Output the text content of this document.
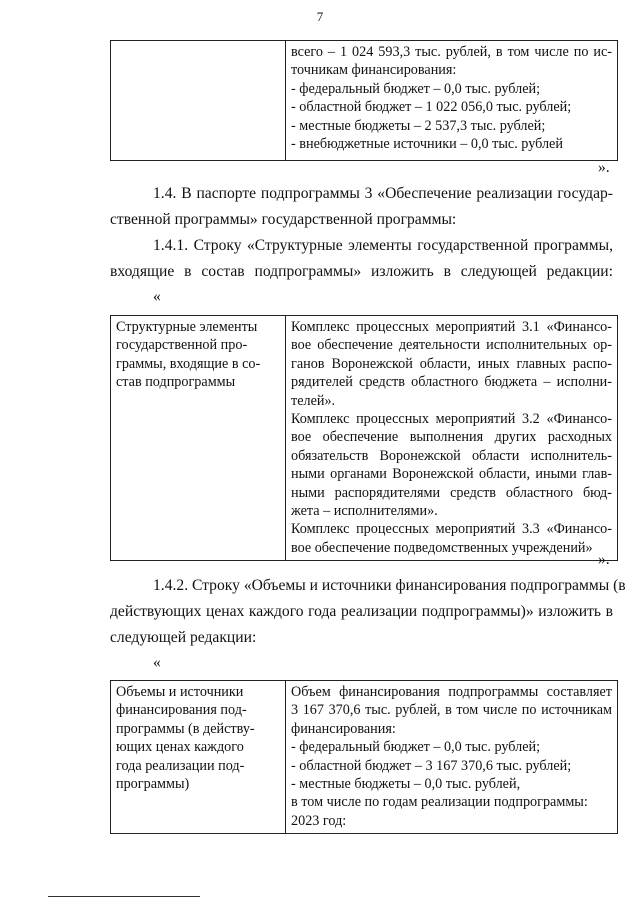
7

всего – 1 024 593,3 тыс. рублей, в том числе по ис-
точникам финансирования:
- федеральный бюджет – 0,0 тыс. рублей;
- областной бюджет – 1 022 056,0 тыс. рублей;
- местные бюджеты – 2 537,3 тыс. рублей;
- внебюджетные источники – 0,0 тыс. рублей
».
1.4. В паспорте подпрограммы 3 «Обеспечение реализации государ-
ственной программы» государственной программы:
1.4.1. Строку «Структурные элементы государственной программы,
входящие в состав подпрограммы» изложить в следующей редакции:
«
Структурные элементы
государственной про-
граммы, входящие в со-
став подпрограммы

Комплекс процессных мероприятий 3.1 «Финансо-
вое обеспечение деятельности исполнительных ор-
ганов Воронежской области, иных главных распо-
рядителей средств областного бюджета – исполни-
телей».
Комплекс процессных мероприятий 3.2 «Финансо-
вое обеспечение выполнения других расходных
обязательств Воронежской области исполнитель-
ными органами Воронежской области, иными глав-
ными распорядителями средств областного бюд-
жета – исполнителями».
Комплекс процессных мероприятий 3.3 «Финансо-
вое обеспечение подведомственных учреждений»
».
1.4.2. Строку «Объемы и источники финансирования подпрограммы (в
действующих ценах каждого года реализации подпрограммы)» изложить в
следующей редакции:
«
Объемы и источники
финансирования под-
программы (в действу-
ющих ценах каждого
года реализации под-
программы)

Объем финансирования подпрограммы составляет
3 167 370,6 тыс. рублей, в том числе по источникам
финансирования:
- федеральный бюджет – 0,0 тыс. рублей;
- областной бюджет – 3 167 370,6 тыс. рублей;
- местные бюджеты – 0,0 тыс. рублей,
в том числе по годам реализации подпрограммы:
2023 год:
